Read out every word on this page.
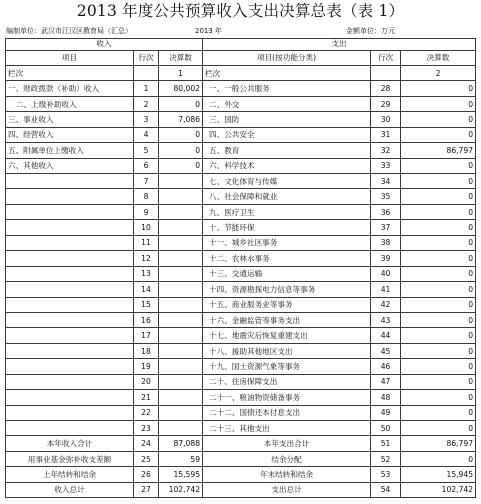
2013 年度公共预算收入支出决算总表（表 1）
编制单位：武汉市江汉区教育局（汇总）	2013 年	金额单位：万元
收入			支出		
项目	行次	决算数	项目(按功能分类)	行次	决算数
栏次		1	栏次		2
一、财政拨款（补助）收入	1	80,002	一、一般公共服务	28	0
二、上级补助收入	2	0	二、外交	29	0
三、事业收入	3	7,086	三、国防	30	0
四、经营收入	4	0	四、公共安全	31	0
五、附属单位上缴收入	5	0	五、教育	32	86,797
六、其他收入	6	0	六、科学技术	33	0
	7		七、文化体育与传媒	34	0
	8		八、社会保障和就业	35	0
	9		九、医疗卫生	36	0
	10		十、节能环保	37	0
	11		十一、城乡社区事务	38	0
	12		十二、农林水事务	39	0
	13		十三、交通运输	40	0
	14		十四、资源勘探电力信息等事务	41	0
	15		十五、商业服务业等事务	42	0
	16		十六、金融监管等事务支出	43	0
	17		十七、地震灾后恢复重建支出	44	0
	18		十八、援助其他地区支出	45	0
	19		十九、国土资源气象等事务	46	0
	20		二十、住房保障支出	47	0
	21		二十一、粮油物资储备事务	48	0
	22		二十二、国债还本付息支出	49	0
	23		二十三、其他支出	50	0
本年收入合计	24	87,088	本年支出合计	51	86,797
用事业基金弥补收支差额	25	59	结余分配	52	0
上年结转和结余	26	15,595	年末结转和结余	53	15,945
收入总计	27	102,742	支出总计	54	102,742
